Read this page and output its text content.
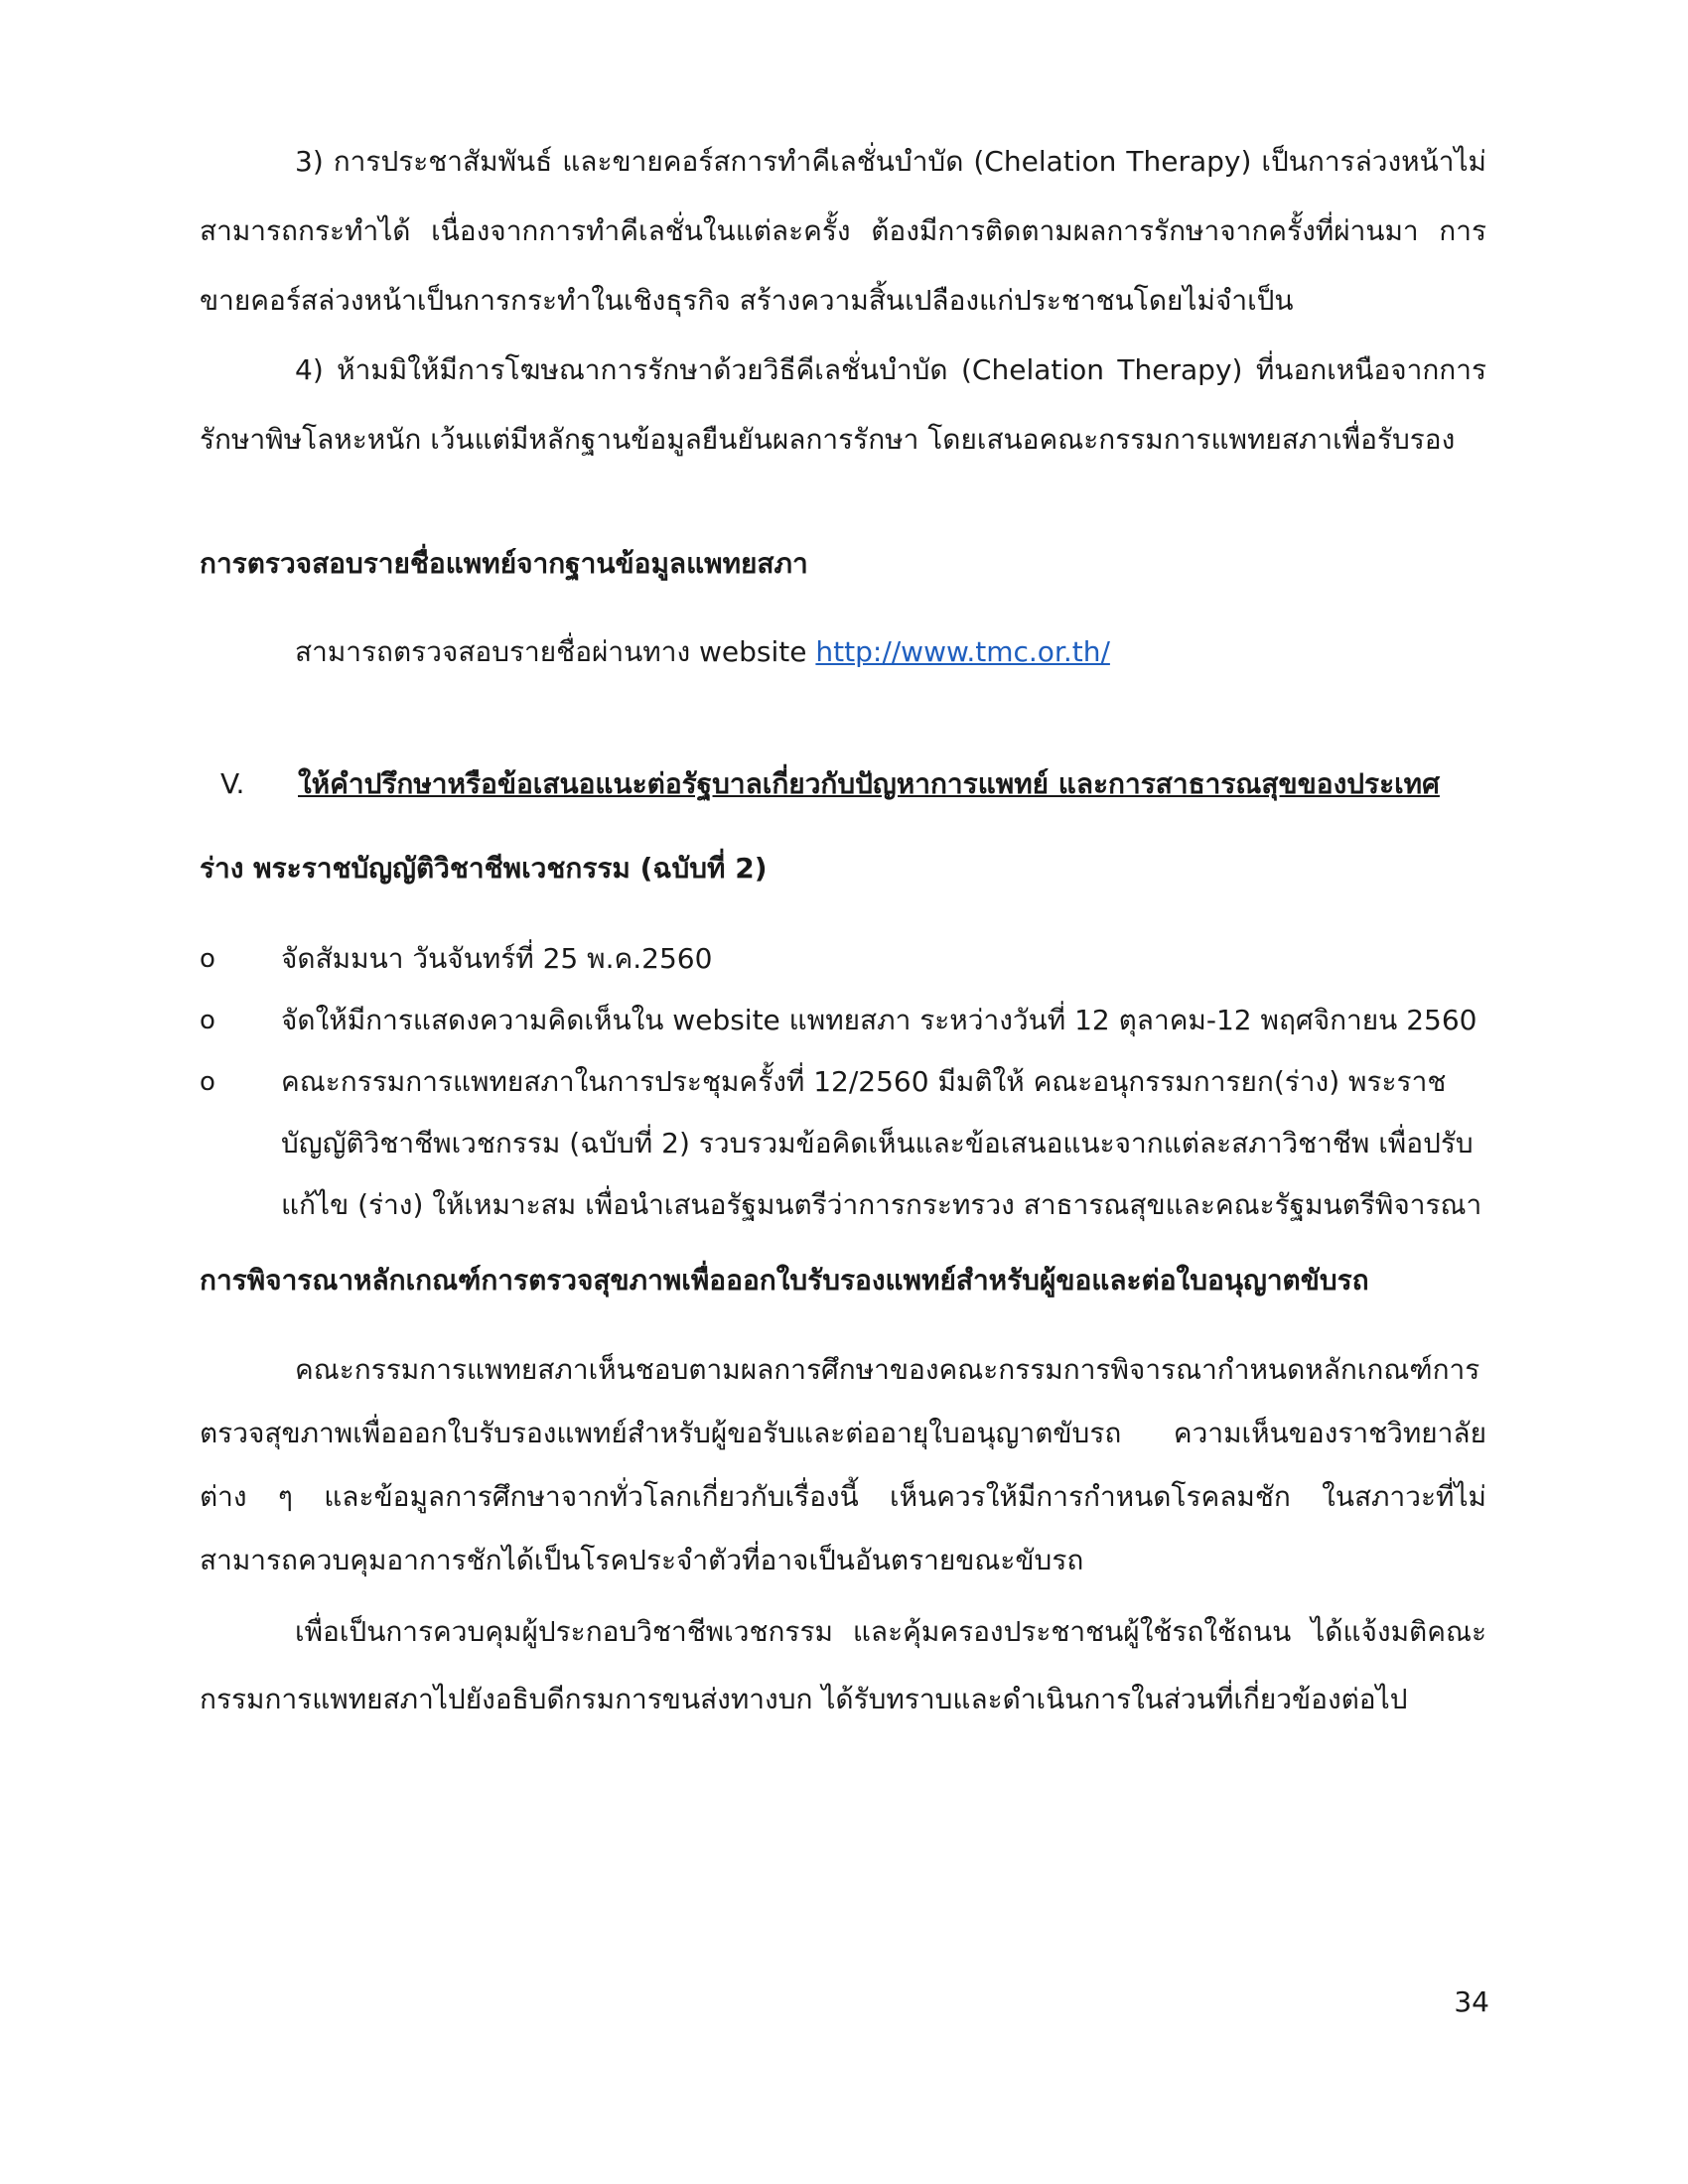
3) การประชาสัมพันธ์ และขายคอร์สการทำคีเลชั่นบำบัด (Chelation Therapy) เป็นการล่วงหน้าไม่สามารถกระทำได้ เนื่องจากการทำคีเลชั่นในแต่ละครั้ง ต้องมีการติดตามผลการรักษาจากครั้งที่ผ่านมา การขายคอร์สล่วงหน้าเป็นการกระทำในเชิงธุรกิจ สร้างความสิ้นเปลืองแก่ประชาชนโดยไม่จำเป็น

4) ห้ามมิให้มีการโฆษณาการรักษาด้วยวิธีคีเลชั่นบำบัด (Chelation Therapy) ที่นอกเหนือจากการรักษาพิษโลหะหนัก เว้นแต่มีหลักฐานข้อมูลยืนยันผลการรักษา โดยเสนอคณะกรรมการแพทยสภาเพื่อรับรอง

การตรวจสอบรายชื่อแพทย์จากฐานข้อมูลแพทยสภา
สามารถตรวจสอบรายชื่อผ่านทาง website http://www.tmc.or.th/
V. ให้คำปรึกษาหรือข้อเสนอแนะต่อรัฐบาลเกี่ยวกับปัญหาการแพทย์ และการสาธารณสุขของประเทศ
ร่าง พระราชบัญญัติวิชาชีพเวชกรรม (ฉบับที่ 2)
o จัดสัมมนา วันจันทร์ที่ 25 พ.ค.2560
o จัดให้มีการแสดงความคิดเห็นใน website แพทยสภา ระหว่างวันที่ 12 ตุลาคม-12 พฤศจิกายน 2560
o คณะกรรมการแพทยสภาในการประชุมครั้งที่ 12/2560 มีมติให้ คณะอนุกรรมการยก(ร่าง) พระราชบัญญัติวิชาชีพเวชกรรม (ฉบับที่ 2) รวบรวมข้อคิดเห็นและข้อเสนอแนะจากแต่ละสภาวิชาชีพ เพื่อปรับแก้ไข (ร่าง) ให้เหมาะสม เพื่อนำเสนอรัฐมนตรีว่าการกระทรวง สาธารณสุขและคณะรัฐมนตรีพิจารณา
การพิจารณาหลักเกณฑ์การตรวจสุขภาพเพื่อออกใบรับรองแพทย์สำหรับผู้ขอและต่อใบอนุญาตขับรถ

คณะกรรมการแพทยสภาเห็นชอบตามผลการศึกษาของคณะกรรมการพิจารณากำหนดหลักเกณฑ์การตรวจสุขภาพเพื่อออกใบรับรองแพทย์สำหรับผู้ขอรับและต่ออายุใบอนุญาตขับรถ ความเห็นของราชวิทยาลัยต่าง ๆ และข้อมูลการศึกษาจากทั่วโลกเกี่ยวกับเรื่องนี้ เห็นควรให้มีการกำหนดโรคลมชัก ในสภาวะที่ไม่สามารถควบคุมอาการชักได้เป็นโรคประจำตัวที่อาจเป็นอันตรายขณะขับรถ

เพื่อเป็นการควบคุมผู้ประกอบวิชาชีพเวชกรรม และคุ้มครองประชาชนผู้ใช้รถใช้ถนน ได้แจ้งมติคณะกรรมการแพทยสภาไปยังอธิบดีกรมการขนส่งทางบก ได้รับทราบและดำเนินการในส่วนที่เกี่ยวข้องต่อไป

34
